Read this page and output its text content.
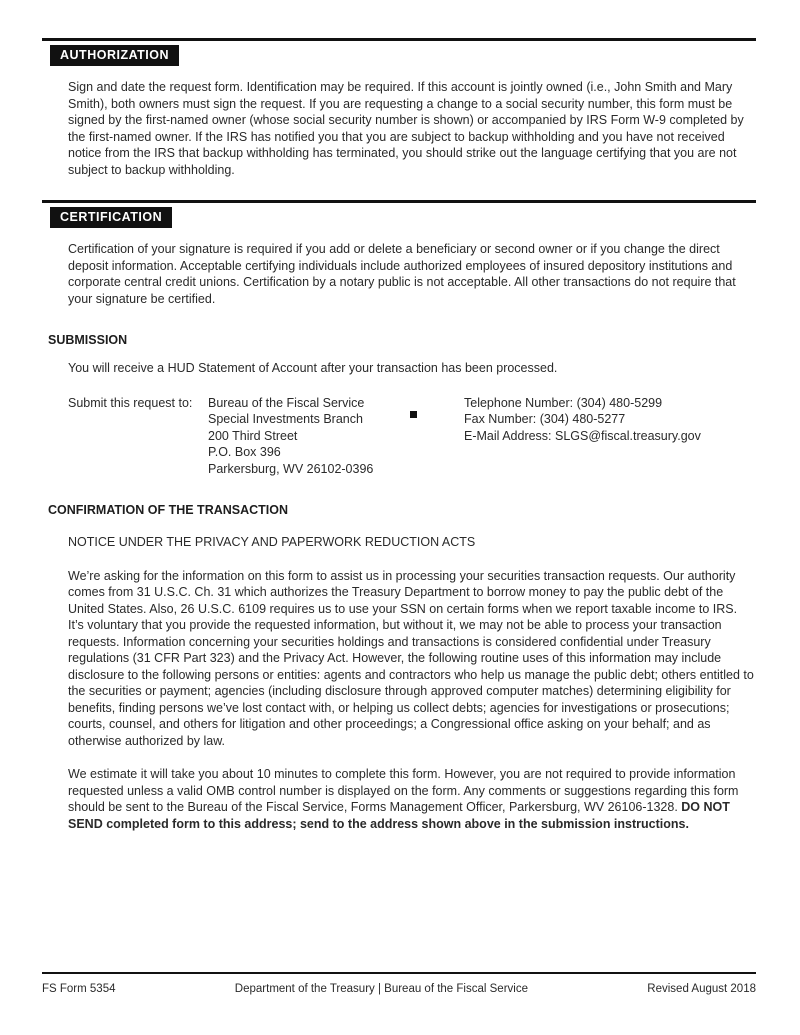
AUTHORIZATION
Sign and date the request form. Identification may be required. If this account is jointly owned (i.e., John Smith and Mary Smith), both owners must sign the request. If you are requesting a change to a social security number, this form must be signed by the first-named owner (whose social security number is shown) or accompanied by IRS Form W-9 completed by the first-named owner. If the IRS has notified you that you are subject to backup withholding and you have not received notice from the IRS that backup withholding has terminated, you should strike out the language certifying that you are not subject to backup withholding.
CERTIFICATION
Certification of your signature is required if you add or delete a beneficiary or second owner or if you change the direct deposit information. Acceptable certifying individuals include authorized employees of insured depository institutions and corporate central credit unions. Certification by a notary public is not acceptable. All other transactions do not require that your signature be certified.
SUBMISSION
You will receive a HUD Statement of Account after your transaction has been processed.
Submit this request to:	Bureau of the Fiscal Service
Special Investments Branch
200 Third Street
P.O. Box 396
Parkersburg, WV 26102-0396
Telephone Number: (304) 480-5299
Fax Number: (304) 480-5277
E-Mail Address: SLGS@fiscal.treasury.gov
CONFIRMATION OF THE TRANSACTION
NOTICE UNDER THE PRIVACY AND PAPERWORK REDUCTION ACTS
We’re asking for the information on this form to assist us in processing your securities transaction requests. Our authority comes from 31 U.S.C. Ch. 31 which authorizes the Treasury Department to borrow money to pay the public debt of the United States. Also, 26 U.S.C. 6109 requires us to use your SSN on certain forms when we report taxable income to IRS. It’s voluntary that you provide the requested information, but without it, we may not be able to process your transaction requests. Information concerning your securities holdings and transactions is considered confidential under Treasury regulations (31 CFR Part 323) and the Privacy Act. However, the following routine uses of this information may include disclosure to the following persons or entities: agents and contractors who help us manage the public debt; others entitled to the securities or payment; agencies (including disclosure through approved computer matches) determining eligibility for benefits, finding persons we’ve lost contact with, or helping us collect debts; agencies for investigations or prosecutions; courts, counsel, and others for litigation and other proceedings; a Congressional office asking on your behalf; and as otherwise authorized by law.
We estimate it will take you about 10 minutes to complete this form. However, you are not required to provide information requested unless a valid OMB control number is displayed on the form. Any comments or suggestions regarding this form should be sent to the Bureau of the Fiscal Service, Forms Management Officer, Parkersburg, WV 26106-1328. DO NOT SEND completed form to this address; send to the address shown above in the submission instructions.
FS Form 5354	Department of the Treasury | Bureau of the Fiscal Service	Revised August 2018
